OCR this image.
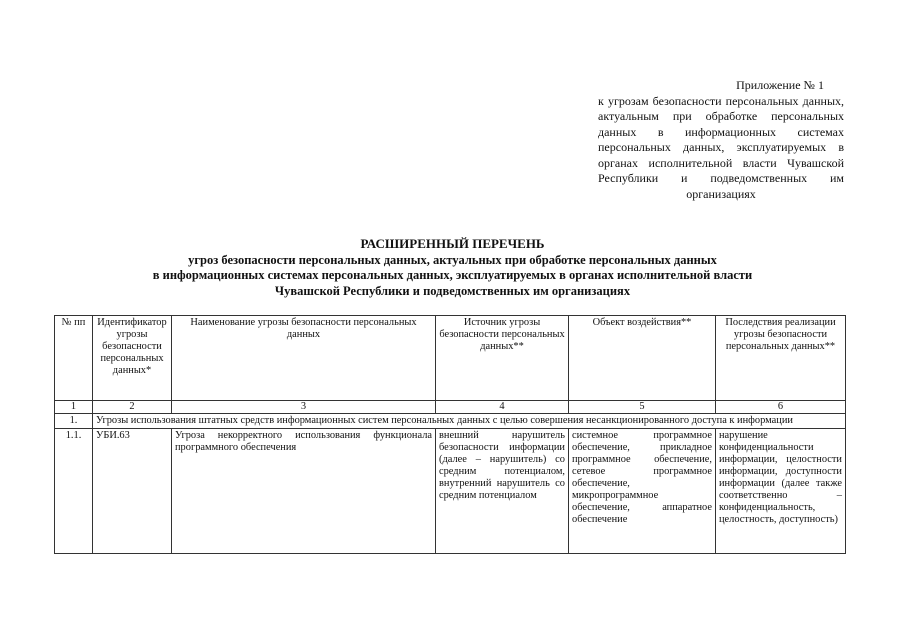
Приложение № 1
к угрозам безопасности персональных данных, актуальным при обработке персональных данных в информационных системах персональных данных, эксплуатируемых в органах исполнительной власти Чувашской Республики и подведомственных им организациях
РАСШИРЕННЫЙ ПЕРЕЧЕНЬ
угроз безопасности персональных данных, актуальных при обработке персональных данных
в информационных системах персональных данных, эксплуатируемых в органах исполнительной власти
Чувашской Республики и подведомственных им организациях
№ пп	Идентификатор угрозы безопасности персональных данных*	Наименование угрозы безопасности персональных данных	Источник угрозы безопасности персональных данных**	Объект воздействия**	Последствия реализации угрозы безопасности персональных данных**
1	2	3	4	5	6
1.	Угрозы использования штатных средств информационных систем персональных данных с целью совершения несанкционированного доступа к информации				
1.1.	УБИ.63	Угроза некорректного использования функционала программного обеспечения	внешний нарушитель безопасности информации (далее – нарушитель) со средним потенциалом, внутренний нарушитель со средним потенциалом	системное программное обеспечение, прикладное программное обеспечение, сетевое программное обеспечение, микропрограммное обеспечение, аппаратное обеспечение	нарушение конфиденциальности информации, целостности информации, доступности информации (далее также соответственно – конфиденциальность, целостность, доступность)
